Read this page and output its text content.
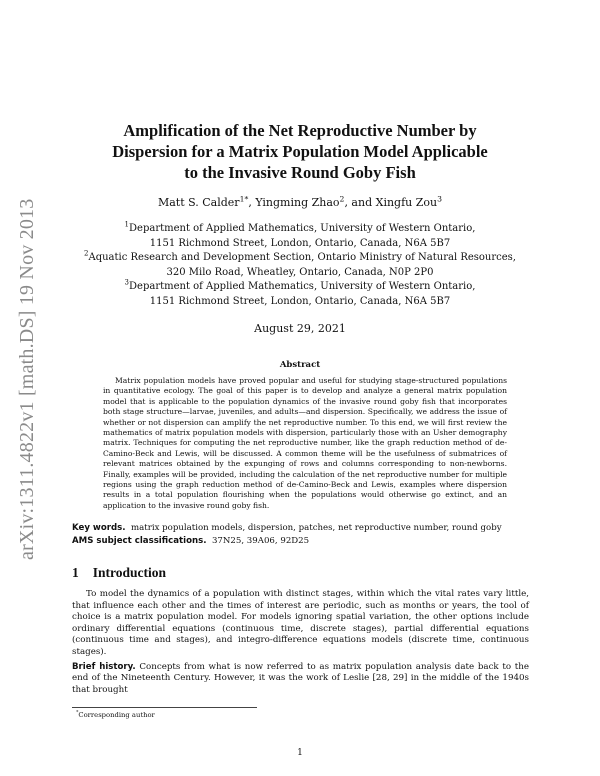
arXiv:1311.4822v1 [math.DS] 19 Nov 2013
Amplification of the Net Reproductive Number by
Dispersion for a Matrix Population Model Applicable
to the Invasive Round Goby Fish
Matt S. Calder$^{1*}$, Yingming Zhao$^2$, and Xingfu Zou$^3$
$^1$Department of Applied Mathematics, University of Western Ontario,
1151 Richmond Street, London, Ontario, Canada, N6A 5B7
$^2$Aquatic Research and Development Section, Ontario Ministry of Natural Resources,
320 Milo Road, Wheatley, Ontario, Canada, N0P 2P0
$^3$Department of Applied Mathematics, University of Western Ontario,
1151 Richmond Street, London, Ontario, Canada, N6A 5B7
August 29, 2021
Abstract
Matrix population models have proved popular and useful for studying stage-structured populations in quantitative ecology. The goal of this paper is to develop and analyze a general matrix population model that is applicable to the population dynamics of the invasive round goby fish that incorporates both stage structure—larvae, juveniles, and adults—and dispersion. Specifically, we address the issue of whether or not dispersion can amplify the net reproductive number. To this end, we will first review the mathematics of matrix population models with dispersion, particularly those with an Usher demography matrix. Techniques for computing the net reproductive number, like the graph reduction method of de-Camino-Beck and Lewis, will be discussed. A common theme will be the usefulness of submatrices of relevant matrices obtained by the expunging of rows and columns corresponding to non-newborns. Finally, examples will be provided, including the calculation of the net reproductive number for multiple regions using the graph reduction method of de-Camino-Beck and Lewis, examples where dispersion results in a total population flourishing when the populations would otherwise go extinct, and an application to the invasive round goby fish.
Key words. matrix population models, dispersion, patches, net reproductive number, round goby
AMS subject classifications. 37N25, 39A06, 92D25
1 Introduction

To model the dynamics of a population with distinct stages, within which the vital rates vary little, that influence each other and the times of interest are periodic, such as months or years, the tool of choice is a matrix population model. For models ignoring spatial variation, the other options include ordinary differential equations (continuous time, discrete stages), partial differential equations (continuous time and stages), and integro-difference equations models (discrete time, continuous stages).

Brief history. Concepts from what is now referred to as matrix population analysis date back to the end of the Nineteenth Century. However, it was the work of Leslie [28, 29] in the middle of the 1940s that brought

*Corresponding author
1
